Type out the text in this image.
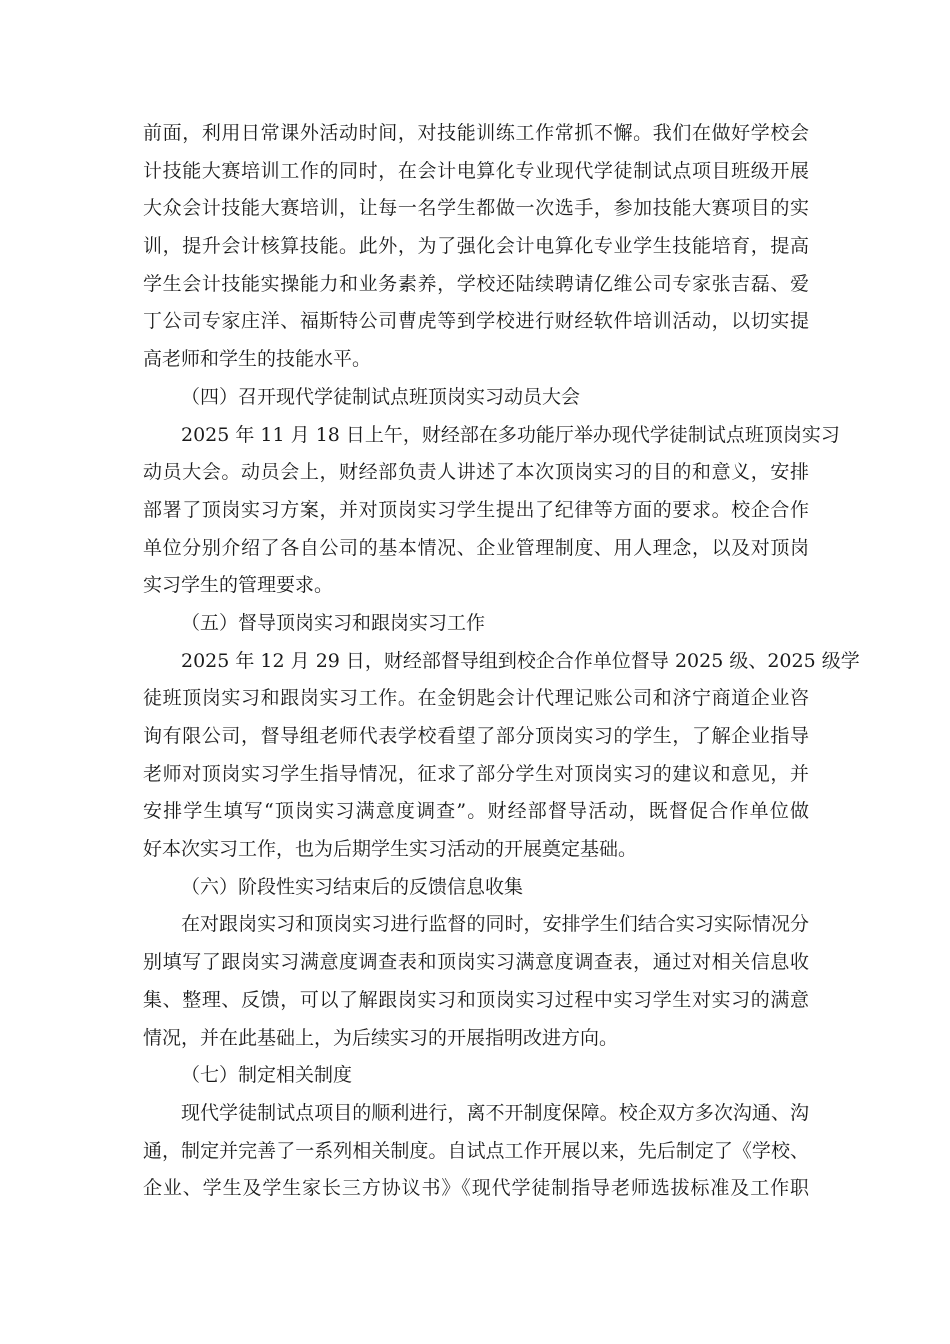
前面，利用日常课外活动时间，对技能训练工作常抓不懈。我们在做好学校会
计技能大赛培训工作的同时，在会计电算化专业现代学徒制试点项目班级开展
大众会计技能大赛培训，让每一名学生都做一次选手，参加技能大赛项目的实
训，提升会计核算技能。此外，为了强化会计电算化专业学生技能培育，提高
学生会计技能实操能力和业务素养，学校还陆续聘请亿维公司专家张吉磊、爱
丁公司专家庄洋、福斯特公司曹虎等到学校进行财经软件培训活动，以切实提
高老师和学生的技能水平。
（四）召开现代学徒制试点班顶岗实习动员大会
2025 年 11 月 18 日上午，财经部在多功能厅举办现代学徒制试点班顶岗实习
动员大会。动员会上，财经部负责人讲述了本次顶岗实习的目的和意义，安排
部署了顶岗实习方案，并对顶岗实习学生提出了纪律等方面的要求。校企合作
单位分别介绍了各自公司的基本情况、企业管理制度、用人理念，以及对顶岗
实习学生的管理要求。
（五）督导顶岗实习和跟岗实习工作
2025 年 12 月 29 日，财经部督导组到校企合作单位督导 2025 级、2025 级学
徒班顶岗实习和跟岗实习工作。在金钥匙会计代理记账公司和济宁商道企业咨
询有限公司，督导组老师代表学校看望了部分顶岗实习的学生，了解企业指导
老师对顶岗实习学生指导情况，征求了部分学生对顶岗实习的建议和意见，并
安排学生填写“顶岗实习满意度调查”。财经部督导活动，既督促合作单位做
好本次实习工作，也为后期学生实习活动的开展奠定基础。
（六）阶段性实习结束后的反馈信息收集
在对跟岗实习和顶岗实习进行监督的同时，安排学生们结合实习实际情况分
别填写了跟岗实习满意度调查表和顶岗实习满意度调查表，通过对相关信息收
集、整理、反馈，可以了解跟岗实习和顶岗实习过程中实习学生对实习的满意
情况，并在此基础上，为后续实习的开展指明改进方向。
（七）制定相关制度
现代学徒制试点项目的顺利进行，离不开制度保障。校企双方多次沟通、沟
通，制定并完善了一系列相关制度。自试点工作开展以来，先后制定了《学校、
企业、学生及学生家长三方协议书》《现代学徒制指导老师选拔标准及工作职
